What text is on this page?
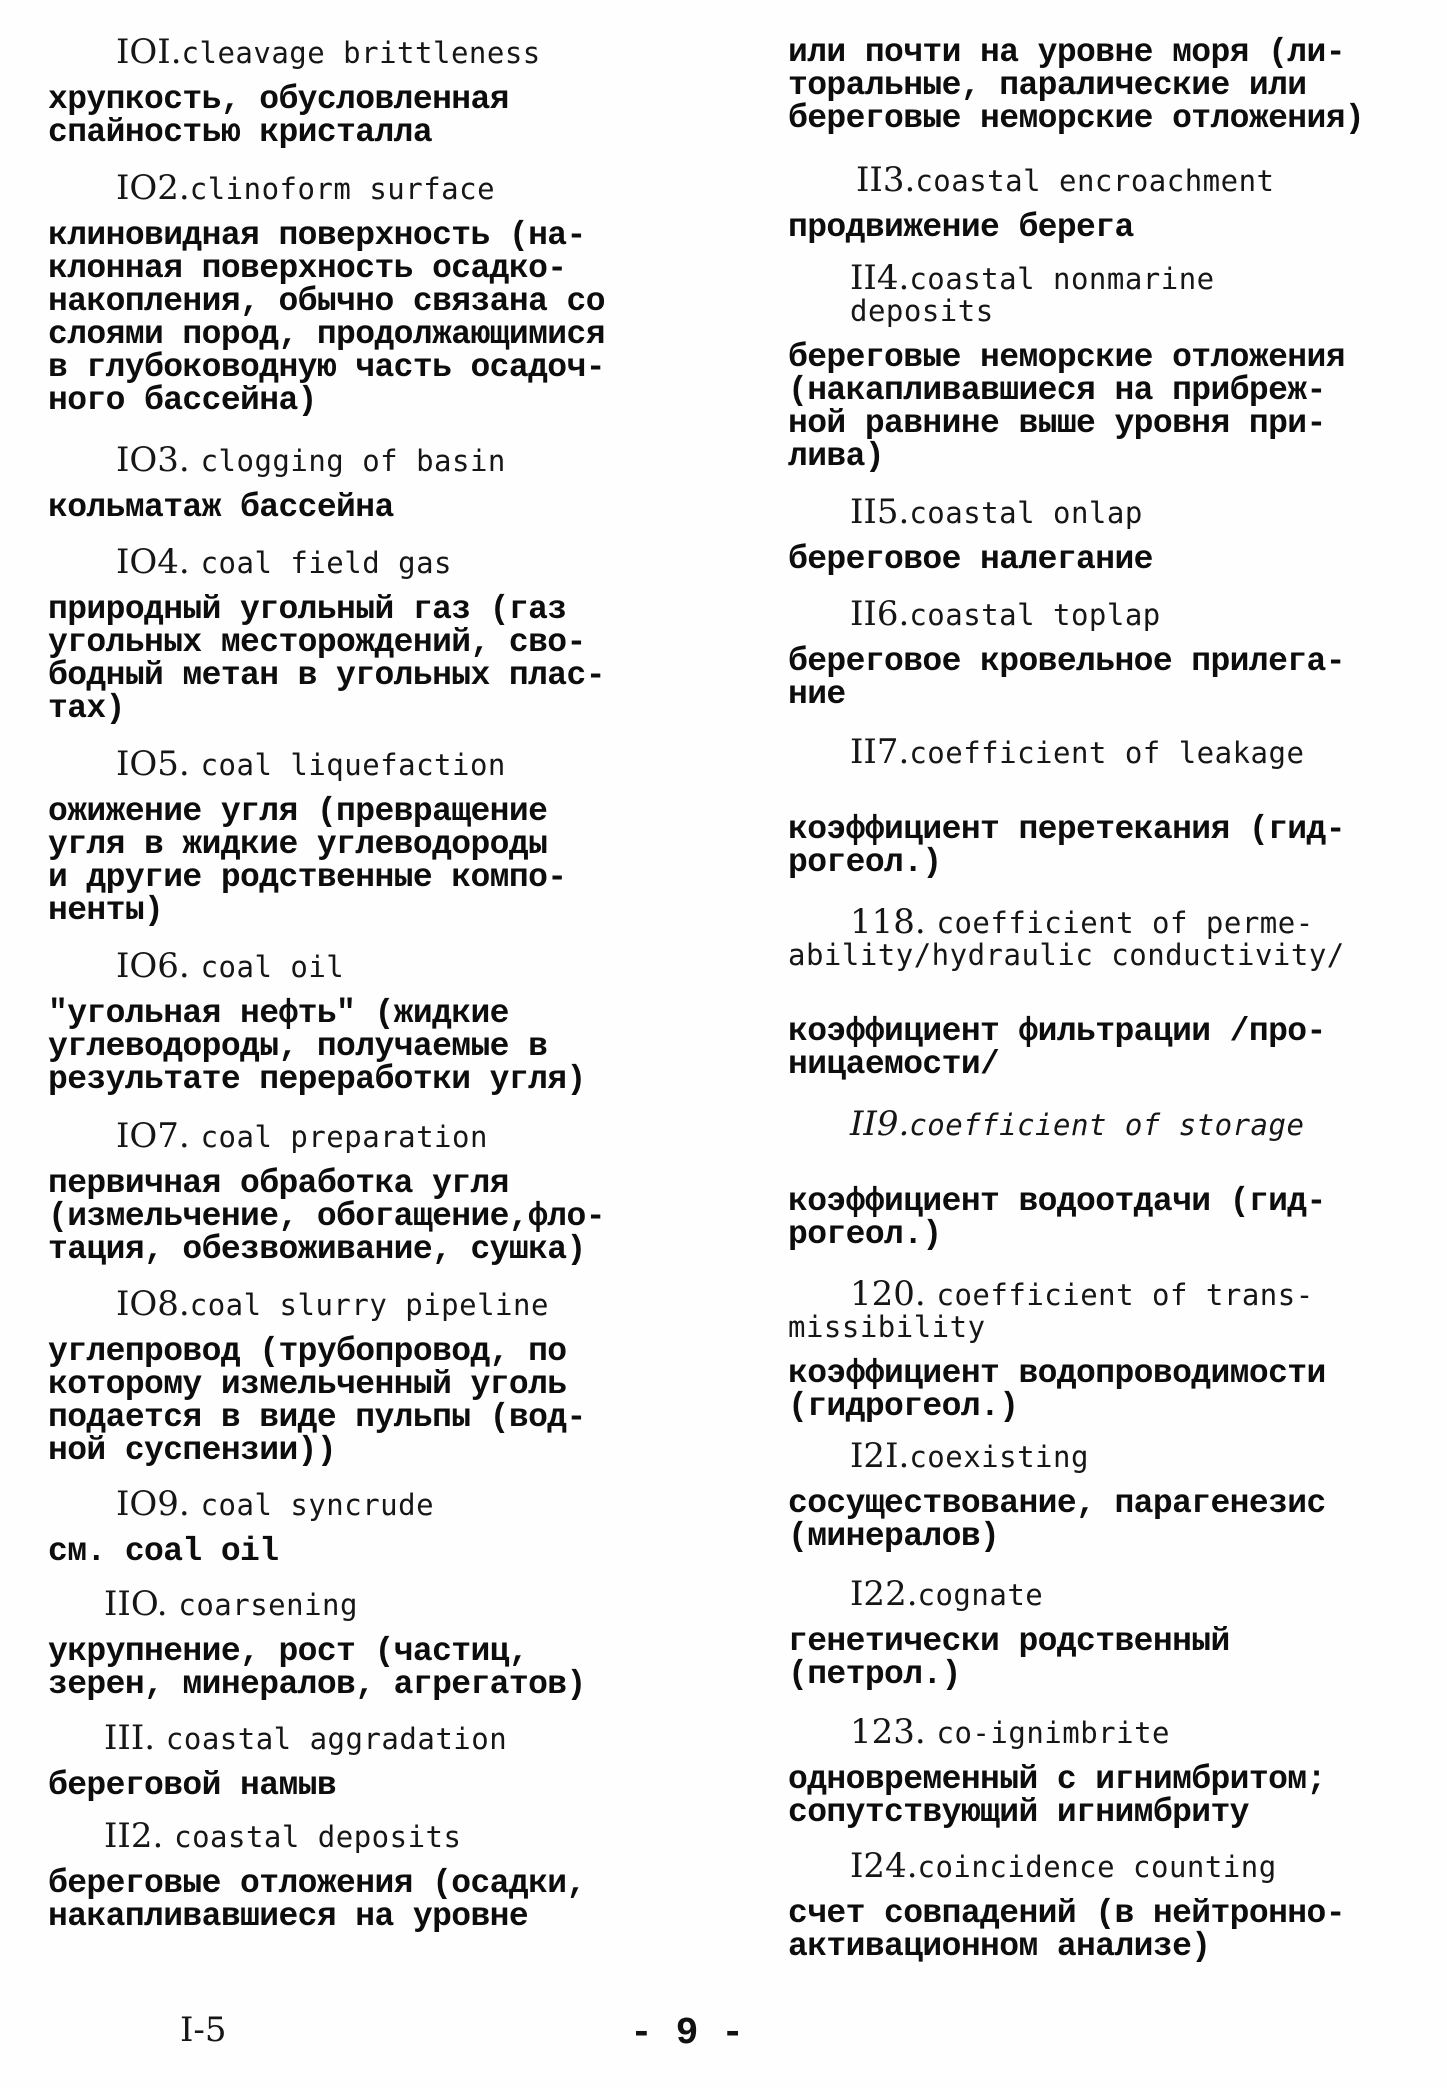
IOI.cleavage brittleness
хрупкость, обусловленная
спайностью кристалла
IO2.clinoform surface
клиновидная поверхность (на-
клонная поверхность осадко-
накопления, обычно связана со
слоями пород, продолжающимися
в глубоководную часть осадоч-
ного бассейна)
IO3. clogging of basin
кольматаж бассейна
IO4. coal field gas
природный угольный газ (газ
угольных месторождений, сво-
бодный метан в угольных плас-
тах)
IO5. coal liquefaction
ожижение угля (превращение
угля в жидкие углеводороды
и другие родственные компо-
ненты)
IO6. coal oil
"угольная нефть" (жидкие
углеводороды, получаемые в
результате переработки угля)
IO7. coal preparation
первичная обработка угля
(измельчение, обогащение,фло-
тация, обезвоживание, сушка)
IO8.coal slurry pipeline
углепровод (трубопровод, по
которому измельченный уголь
подается в виде пульпы (вод-
ной суспензии))
IO9. coal syncrude
см. coal oil
IIO. coarsening
укрупнение, рост (частиц,
зерен, минералов, агрегатов)
III. coastal aggradation
береговой намыв
II2. coastal deposits
береговые отложения (осадки,
накапливавшиеся на уровне
или почти на уровне моря (ли-
торальные, паралические или
береговые неморские отложения)
II3.coastal encroachment
продвижение берега
II4.coastal nonmarine
deposits
береговые неморские отложения
(накапливавшиеся на прибреж-
ной равнине выше уровня при-
лива)
II5.coastal onlap
береговое налегание
II6.coastal toplap
береговое кровельное прилега-
ние
II7.coefficient of leakage
коэффициент перетекания (гид-
рогеол.)
118. coefficient of perme-
ability/hydraulic conductivity/
коэффициент фильтрации /про-
ницаемости/
II9.coefficient of storage
коэффициент водоотдачи (гид-
рогеол.)
120. coefficient of trans-
missibility
коэффициент водопроводимости
(гидрогеол.)
I2I.coexisting
сосуществование, парагенезис
(минералов)
I22.cognate
генетически родственный
(петрол.)
123. co-ignimbrite
одновременный с игнимбритом;
сопутствующий игнимбриту
I24.coincidence counting
счет совпадений (в нейтронно-
активационном анализе)
I-5	- 9 -
